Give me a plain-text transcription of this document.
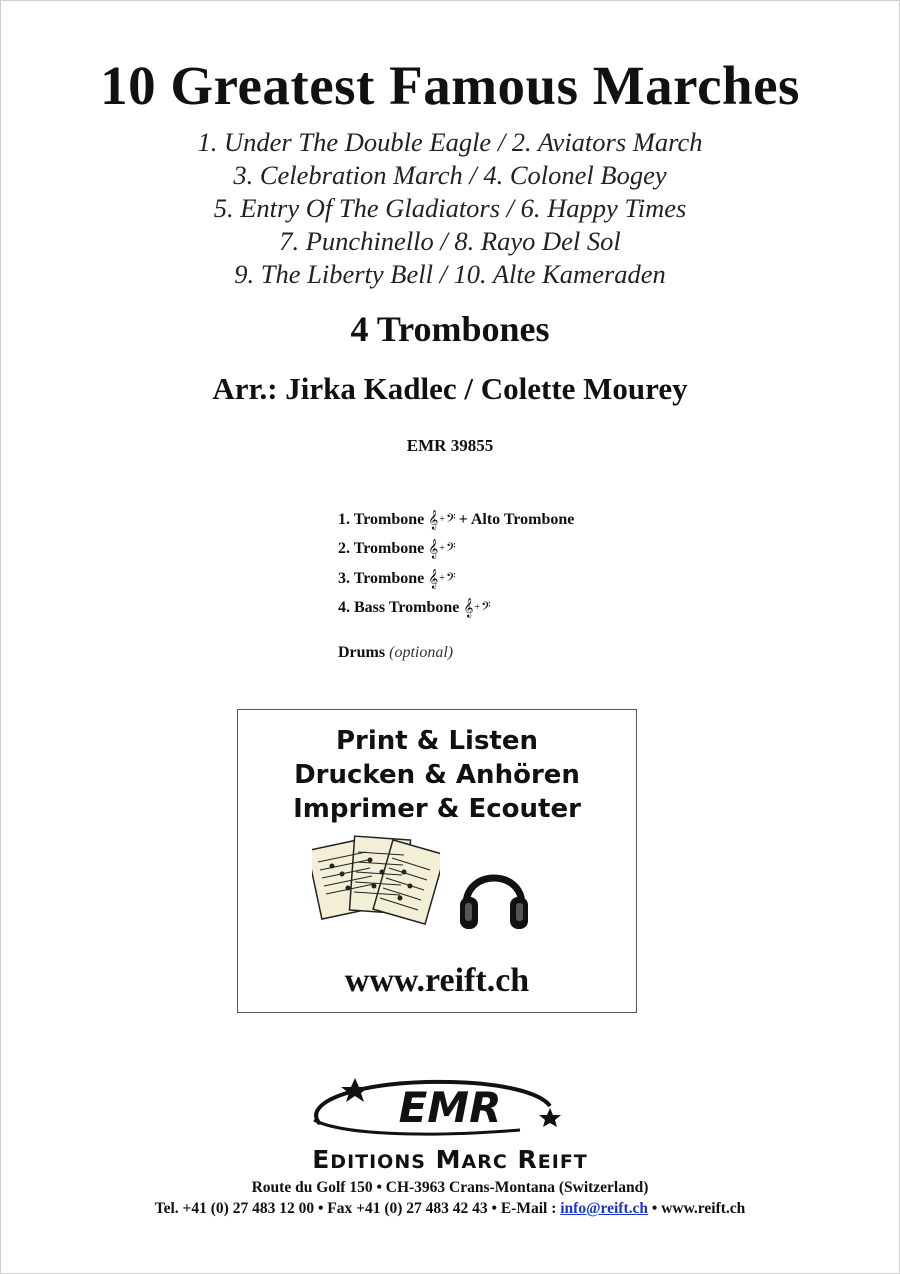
10 Greatest Famous Marches
1. Under The Double Eagle / 2. Aviators March
3. Celebration March / 4. Colonel Bogey
5. Entry Of The Gladiators / 6. Happy Times
7. Punchinello / 8. Rayo Del Sol
9. The Liberty Bell / 10. Alte Kameraden
4 Trombones
Arr.: Jirka Kadlec / Colette Mourey
EMR 39855
1. Trombone 𝄞 + 𝄢 + Alto Trombone
2. Trombone 𝄞 + 𝄢
3. Trombone 𝄞 + 𝄢
4. Bass Trombone 𝄞 + 𝄢
Drums (optional)
Print & Listen
Drucken & Anhören
Imprimer & Ecouter
www.reift.ch
EMR
EDITIONS MARC REIFT
Route du Golf 150 • CH-3963 Crans-Montana (Switzerland)
Tel. +41 (0) 27 483 12 00 • Fax +41 (0) 27 483 42 43 • E-Mail : info@reift.ch • www.reift.ch
